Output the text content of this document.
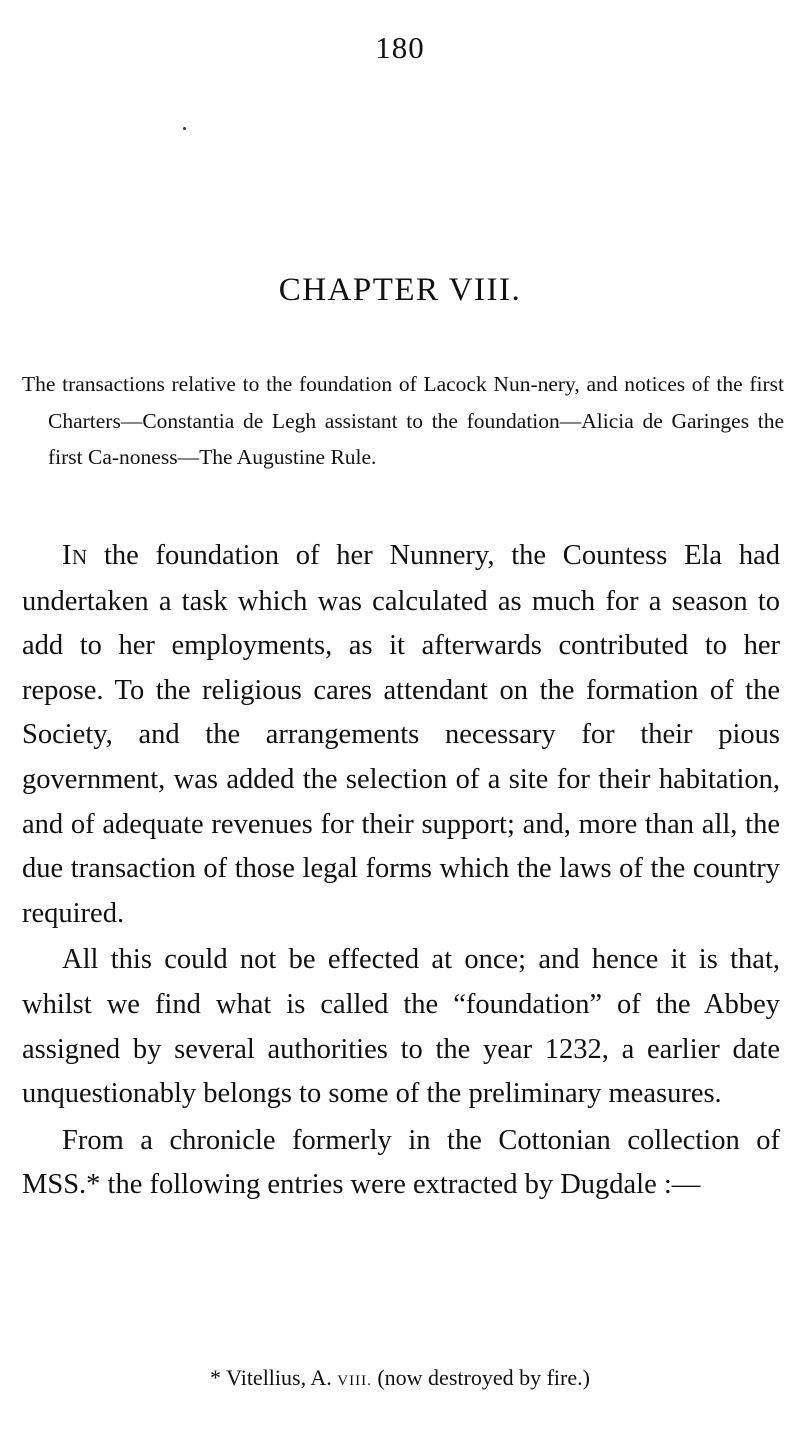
180
CHAPTER VIII.

The transactions relative to the foundation of Lacock Nun-nery, and notices of the first Charters—Constantia de Legh assistant to the foundation—Alicia de Garinges the first Ca-noness—The Augustine Rule.

IN the foundation of her Nunnery, the Countess Ela had undertaken a task which was calculated as much for a season to add to her employments, as it afterwards contributed to her repose. To the religious cares attendant on the formation of the Society, and the arrangements necessary for their pious government, was added the selection of a site for their habitation, and of adequate revenues for their support; and, more than all, the due transaction of those legal forms which the laws of the country required.

All this could not be effected at once; and hence it is that, whilst we find what is called the “foundation” of the Abbey assigned by several authorities to the year 1232, a earlier date unquestionably belongs to some of the preliminary measures.

From a chronicle formerly in the Cottonian collection of MSS.* the following entries were extracted by Dugdale :—

* Vitellius, A. VIII. (now destroyed by fire.)
